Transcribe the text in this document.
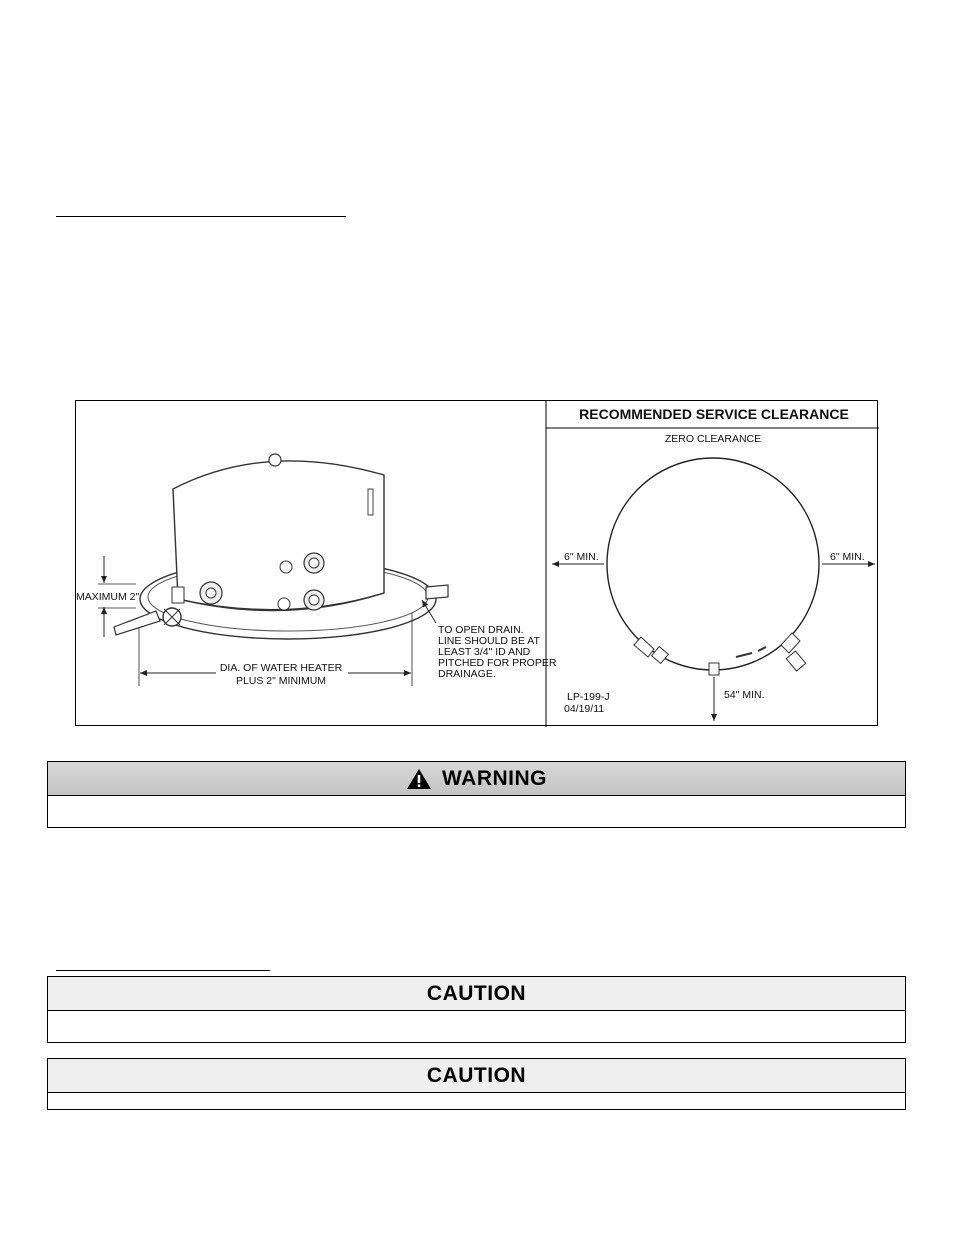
MAXIMUM 2"
DIA. OF WATER HEATER
PLUS 2" MINIMUM
TO OPEN DRAIN.
LINE SHOULD BE AT
LEAST 3/4" ID AND
PITCHED FOR PROPER
DRAINAGE.
RECOMMENDED SERVICE CLEARANCE
ZERO CLEARANCE
6" MIN.	6" MIN.
54" MIN.
LP-199-J
04/19/11
WARNING
CAUTION
CAUTION
